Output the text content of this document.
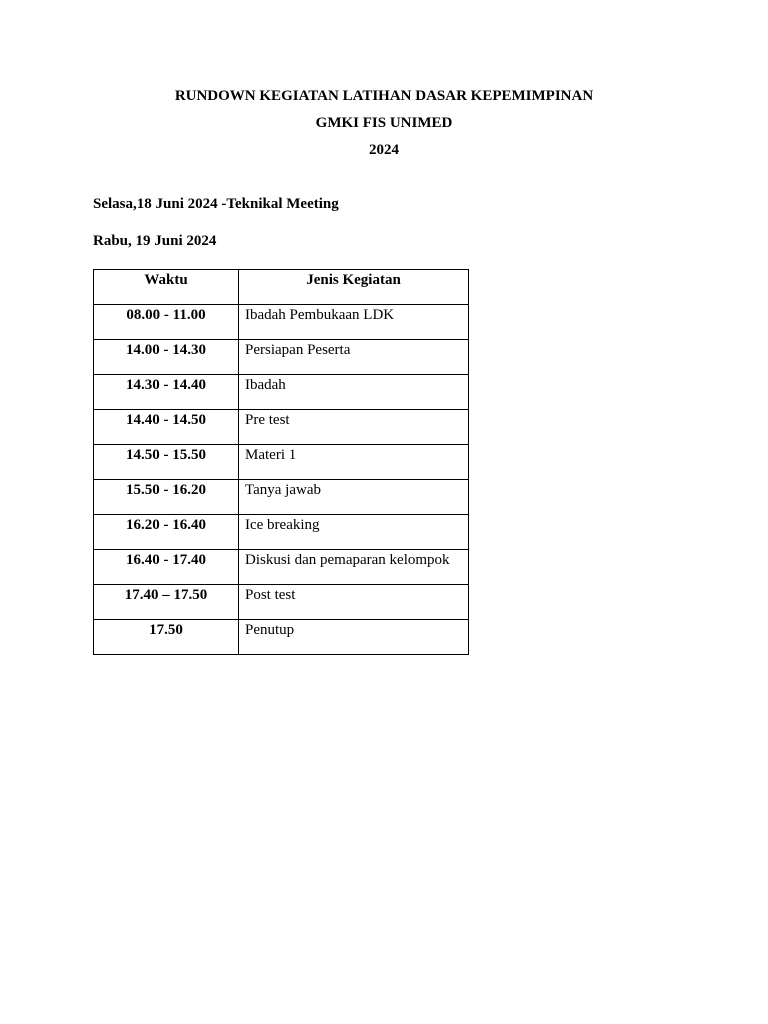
RUNDOWN KEGIATAN LATIHAN DASAR KEPEMIMPINAN
GMKI FIS UNIMED
2024
Selasa,18 Juni 2024 -Teknikal Meeting
Rabu, 19 Juni 2024
Waktu	Jenis Kegiatan
08.00 - 11.00	Ibadah Pembukaan LDK
14.00 - 14.30	Persiapan Peserta
14.30 - 14.40	Ibadah
14.40 - 14.50	Pre test
14.50 - 15.50	Materi 1
15.50 - 16.20	Tanya jawab
16.20 - 16.40	Ice breaking
16.40 - 17.40	Diskusi dan pemaparan kelompok
17.40 – 17.50	Post test
17.50	Penutup
